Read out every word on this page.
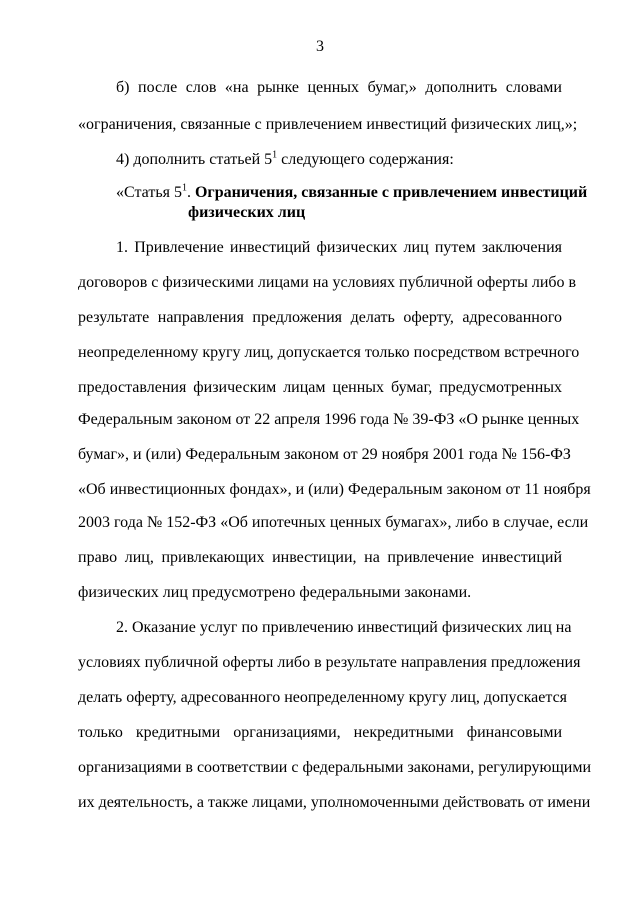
3
б) после слов «на рынке ценных бумаг,» дополнить словами
«ограничения, связанные с привлечением инвестиций физических лиц,»;
4) дополнить статьей $5^1$ следующего содержания:
«Статья $5^1$. Ограничения, связанные с привлечением инвестиций
физических лиц
1. Привлечение инвестиций физических лиц путем заключения
договоров с физическими лицами на условиях публичной оферты либо в
результате направления предложения делать оферту, адресованного
неопределенному кругу лиц, допускается только посредством встречного
предоставления физическим лицам ценных бумаг, предусмотренных
Федеральным законом от 22 апреля 1996 года № 39-ФЗ «О рынке ценных
бумаг», и (или) Федеральным законом от 29 ноября 2001 года № 156-ФЗ
«Об инвестиционных фондах», и (или) Федеральным законом от 11 ноября
2003 года № 152-ФЗ «Об ипотечных ценных бумагах», либо в случае, если
право лиц, привлекающих инвестиции, на привлечение инвестиций
физических лиц предусмотрено федеральными законами.
2. Оказание услуг по привлечению инвестиций физических лиц на
условиях публичной оферты либо в результате направления предложения
делать оферту, адресованного неопределенному кругу лиц, допускается
только кредитными организациями, некредитными финансовыми
организациями в соответствии с федеральными законами, регулирующими
их деятельность, а также лицами, уполномоченными действовать от имени
